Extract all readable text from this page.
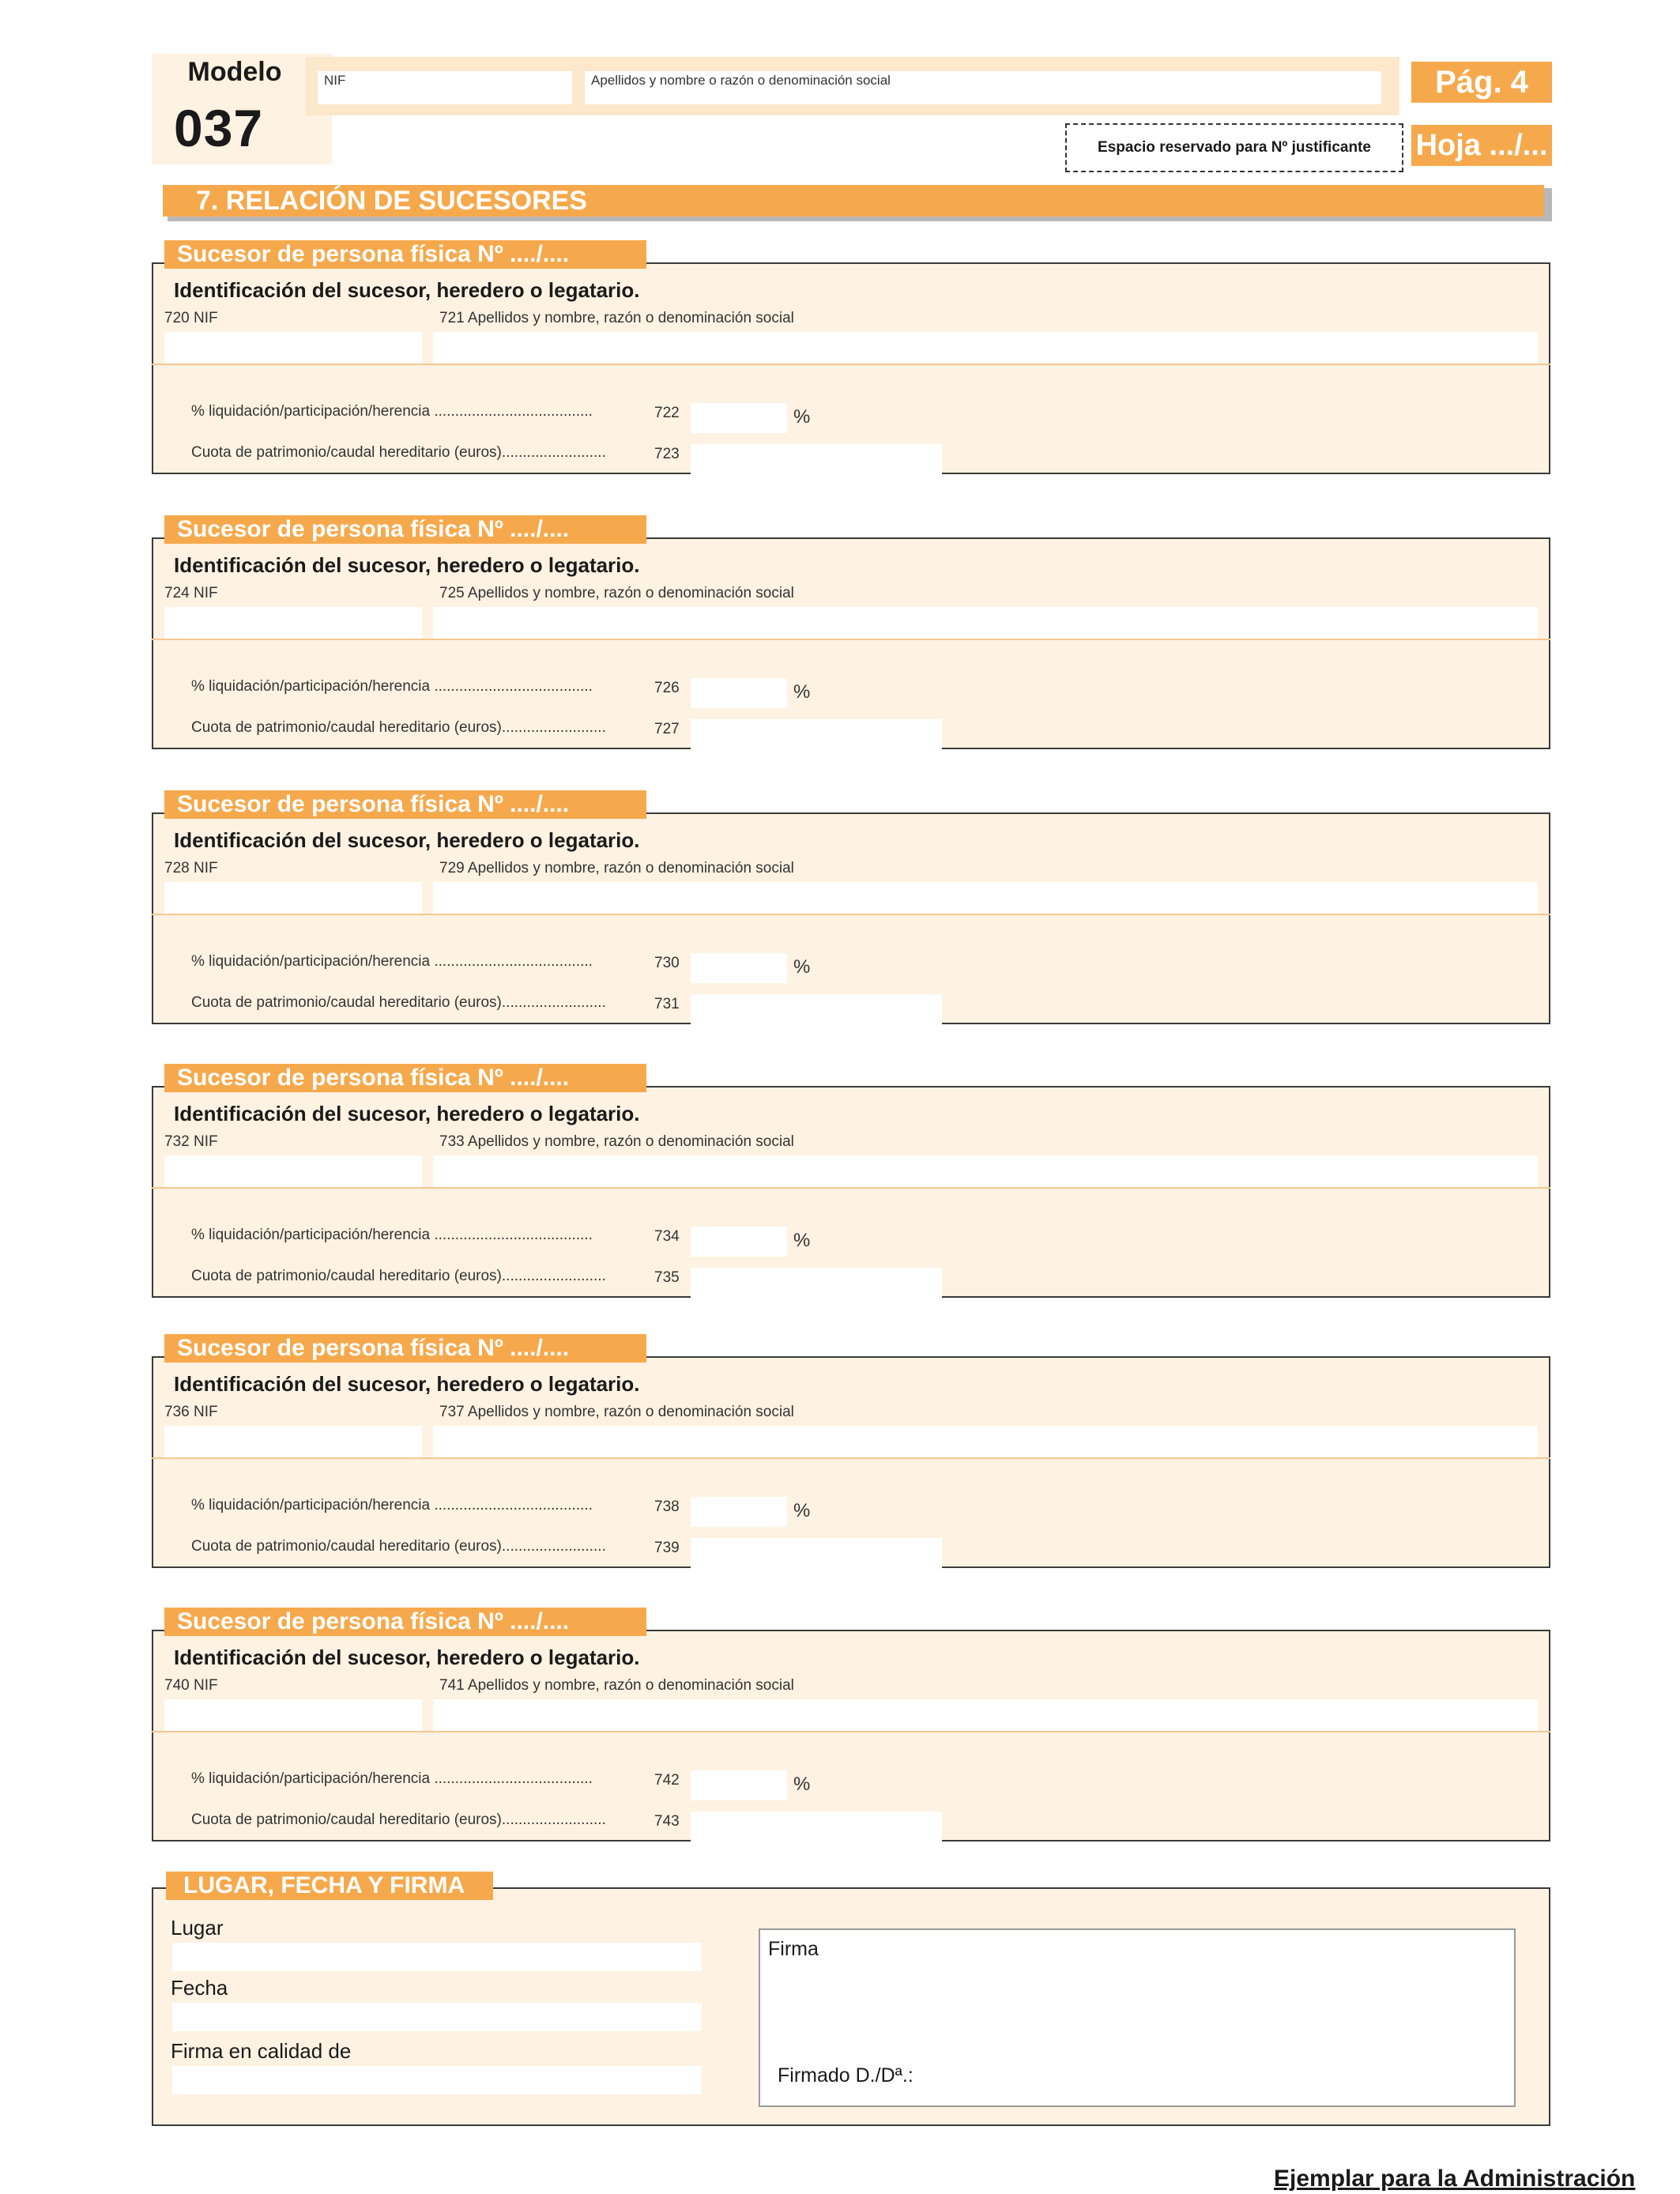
Modelo
037
NIF	Apellidos y nombre o razón o denominación social	Pág. 4
Espacio reservado para Nº justificante	Hoja .../...
7. RELACIÓN DE SUCESORES
Sucesor de persona física Nº ..../....
Identificación del sucesor, heredero o legatario.
720 NIF	721 Apellidos y nombre, razón o denominación social
% liquidación/participación/herencia ......................................	722	%
Cuota de patrimonio/caudal hereditario (euros).........................	723
Sucesor de persona física Nº ..../....
Identificación del sucesor, heredero o legatario.
724 NIF	725 Apellidos y nombre, razón o denominación social
% liquidación/participación/herencia ......................................	726	%
Cuota de patrimonio/caudal hereditario (euros).........................	727
Sucesor de persona física Nº ..../....
Identificación del sucesor, heredero o legatario.
728 NIF	729 Apellidos y nombre, razón o denominación social
% liquidación/participación/herencia ......................................	730	%
Cuota de patrimonio/caudal hereditario (euros).........................	731
Sucesor de persona física Nº ..../....
Identificación del sucesor, heredero o legatario.
732 NIF	733 Apellidos y nombre, razón o denominación social
% liquidación/participación/herencia ......................................	734	%
Cuota de patrimonio/caudal hereditario (euros).........................	735
Sucesor de persona física Nº ..../....
Identificación del sucesor, heredero o legatario.
736 NIF	737 Apellidos y nombre, razón o denominación social
% liquidación/participación/herencia ......................................	738	%
Cuota de patrimonio/caudal hereditario (euros).........................	739
Sucesor de persona física Nº ..../....
Identificación del sucesor, heredero o legatario.
740 NIF	741 Apellidos y nombre, razón o denominación social
% liquidación/participación/herencia ......................................	742	%
Cuota de patrimonio/caudal hereditario (euros).........................	743
LUGAR, FECHA Y FIRMA
Lugar
Fecha
Firma en calidad de
Firma
Firmado D./Dª.:
Ejemplar para la Administración
